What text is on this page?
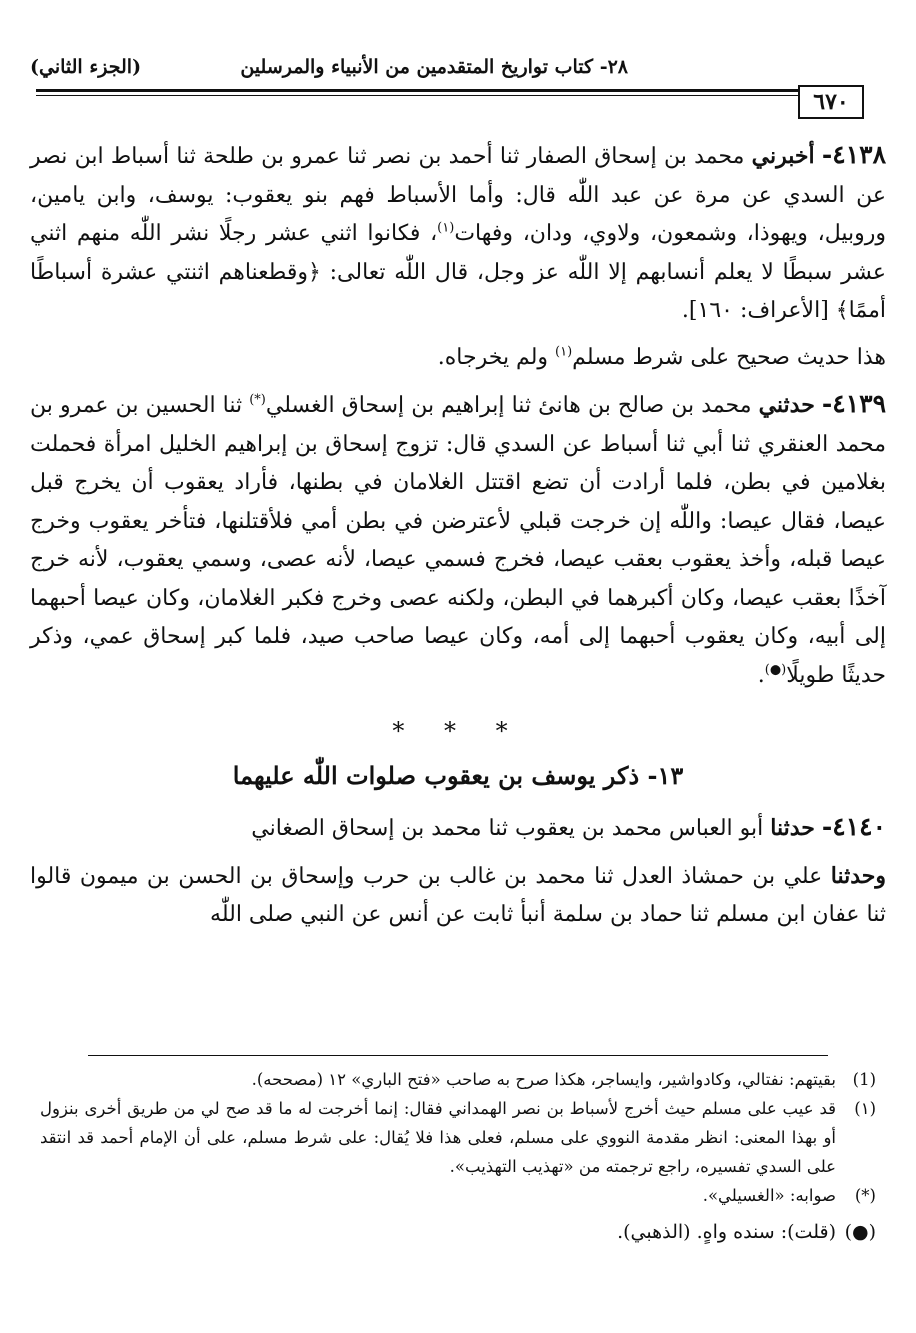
٢٨- كتاب تواريخ المتقدمين من الأنبياء والمرسلين
(الجزء الثاني)
٦٧٠

٤١٣٨- أخبرني محمد بن إسحاق الصفار ثنا أحمد بن نصر ثنا عمرو بن طلحة ثنا أسباط ابن نصر عن السدي عن مرة عن عبد اللّٰه قال: وأما الأسباط فهم بنو يعقوب: يوسف، وابن يامين، وروبيل، ويهوذا، وشمعون، ولاوي، ودان، وفهات$^{(١)}$، فكانوا اثني عشر رجلًا نشر اللّٰه منهم اثني عشر سبطًا لا يعلم أنسابهم إلا اللّٰه عز وجل، قال اللّٰه تعالى: ﴿وقطعناهم اثنتي عشرة أسباطًا أممًا﴾ [الأعراف: ١٦٠].

هذا حديث صحيح على شرط مسلم$^{(١)}$ ولم يخرجاه.

٤١٣٩- حدثني محمد بن صالح بن هانئ ثنا إبراهيم بن إسحاق الغسلي(*) ثنا الحسين بن عمرو بن محمد العنقري ثنا أبي ثنا أسباط عن السدي قال: تزوج إسحاق بن إبراهيم الخليل امرأة فحملت بغلامين في بطن، فلما أرادت أن تضع اقتتل الغلامان في بطنها، فأراد يعقوب أن يخرج قبل عيصا، فقال عيصا: واللّٰه إن خرجت قبلي لأعترضن في بطن أمي فلأقتلنها، فتأخر يعقوب وخرج عيصا قبله، وأخذ يعقوب بعقب عيصا، فخرج فسمي عيصا، لأنه عصى، وسمي يعقوب، لأنه خرج آخذًا بعقب عيصا، وكان أكبرهما في البطن، ولكنه عصى وخرج فكبر الغلامان، وكان عيصا أحبهما إلى أبيه، وكان يعقوب أحبهما إلى أمه، وكان عيصا صاحب صيد، فلما كبر إسحاق عمي، وذكر حديثًا طويلًا(●).

* * *
١٣- ذكر يوسف بن يعقوب صلوات اللّٰه عليهما

٤١٤٠- حدثنا أبو العباس محمد بن يعقوب ثنا محمد بن إسحاق الصغاني

وحدثنا علي بن حمشاذ العدل ثنا محمد بن غالب بن حرب وإسحاق بن الحسن بن ميمون قالوا ثنا عفان ابن مسلم ثنا حماد بن سلمة أنبأ ثابت عن أنس عن النبي صلى اللّٰه

(1)
بقيتهم: نفتالي، وكادواشير، وايساجر، هكذا صرح به صاحب «فتح الباري» ١٢ (مصححه).

(١)
قد عيب على مسلم حيث أخرج لأسباط بن نصر الهمداني فقال: إنما أخرجت له ما قد صح لي من طريق أخرى بنزول أو بهذا المعنى: انظر مقدمة النووي على مسلم، فعلى هذا فلا يُقال: على شرط مسلم، على أن الإمام أحمد قد انتقد على السدي تفسيره، راجع ترجمته من «تهذيب التهذيب».

(*)
صوابه: «الغسيلي».

(●)
(قلت): سنده واهٍ. (الذهبي).
